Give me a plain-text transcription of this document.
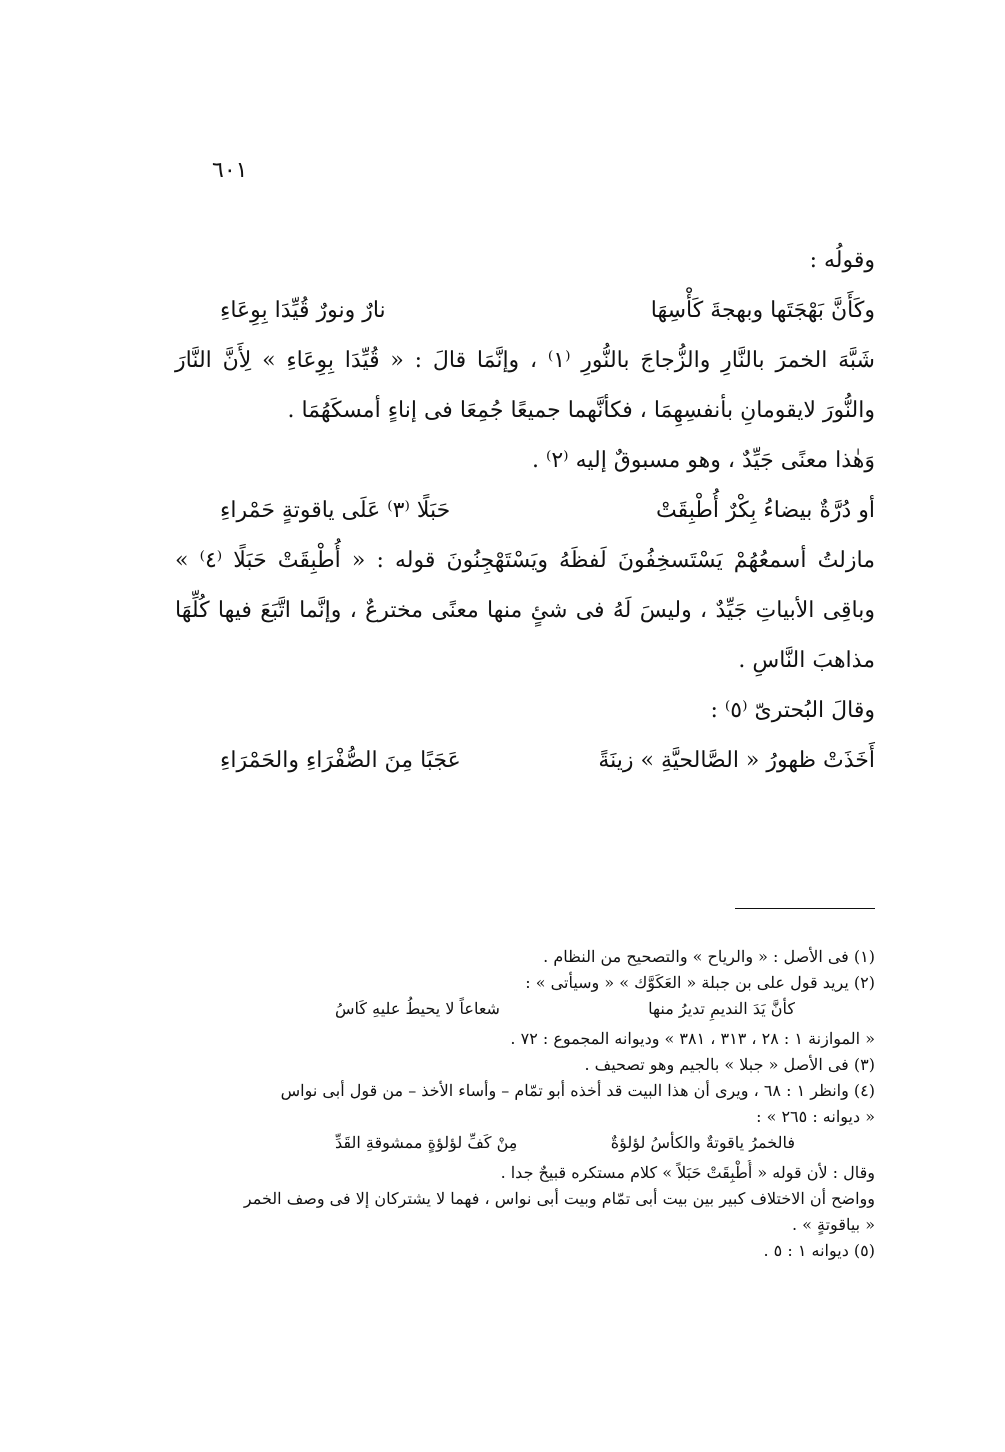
٦٠١

وقولُه :

وكَأَنَّ بَهْجَتَها وبهجةَ كَأْسِهَا
نارٌ ونورٌ قُيِّدَا بِوِعَاءِ

شَبَّهَ الخمرَ بالنَّارِ والزُّجاجَ بالنُّورِ ⁽١⁾ ، وإنَّمَا قالَ : « قُيِّدَا بِوِعَاءِ » لِأَنَّ النَّارَ والنُّورَ لايقومانِ بأنفسِهِمَا ، فكأنَّهما جميعًا جُمِعَا فى إناءٍ أمسكَهُمَا .

وَهٰذا معنًى جَيِّدٌ ، وهو مسبوقٌ إليه ⁽٢⁾ .

أو دُرَّةٌ بيضاءُ بِكْرٌ أُطْبِقَتْ
حَبَلًا ⁽٣⁾ عَلَى ياقوتةٍ حَمْراءِ

مازلتُ أسمعُهُمْ يَسْتَسخِفُونَ لَفظَهُ ويَسْتَهْجِنُونَ قوله : « أُطْبِقَتْ حَبَلًا ⁽٤⁾ » وباقِى الأبياتِ جَيِّدٌ ، وليسَ لَهُ فى شئٍ منها معنًى مخترعٌ ، وإنَّما اتَّبَعَ فيها كُلِّهَا مذاهبَ النَّاسِ .

وقالَ البُحترىّ ⁽٥⁾ :

أَخَذَتْ ظهورُ « الصَّالحيَّةِ » زينَةً
عَجَبًا مِنَ الصُّفْرَاءِ والحَمْرَاءِ

(١) فى الأصل : « والرياح » والتصحيح من النظام .

(٢) يريد قول على بن جبلة « العَكَوَّك » « وسيأتى » :

كأنَّ يَدَ النديمِ تديرُ منها
شعاعاً لا يحيطُ عليهِ كَاسُ

« الموازنة ١ : ٢٨ ، ٣١٣ ، ٣٨١ » وديوانه المجموع : ٧٢ .

(٣) فى الأصل « جبلا » بالجيم وهو تصحيف .

(٤) وانظر ١ : ٦٨ ، ويرى أن هذا البيت قد أخذه أبو تمّام – وأساء الأخذ – من قول أبى نواس

« ديوانه : ٢٦٥ » :

فالخمرُ ياقوتةٌ والكأسُ لؤلؤةٌ
مِنْ كَفِّ لؤلؤةٍ ممشوقةِ القَدِّ

وقال : لأن قوله « أُطْبِقَتْ حَبَلاً » كلام مستكره قبيحٌ جدا .

وواضح أن الاختلاف كبير بين بيت أبى تمّام وبيت أبى نواس ، فهما لا يشتركان إلا فى وصف الخمر

« بياقوتةٍ » .

(٥) ديوانه ١ : ٥ .
